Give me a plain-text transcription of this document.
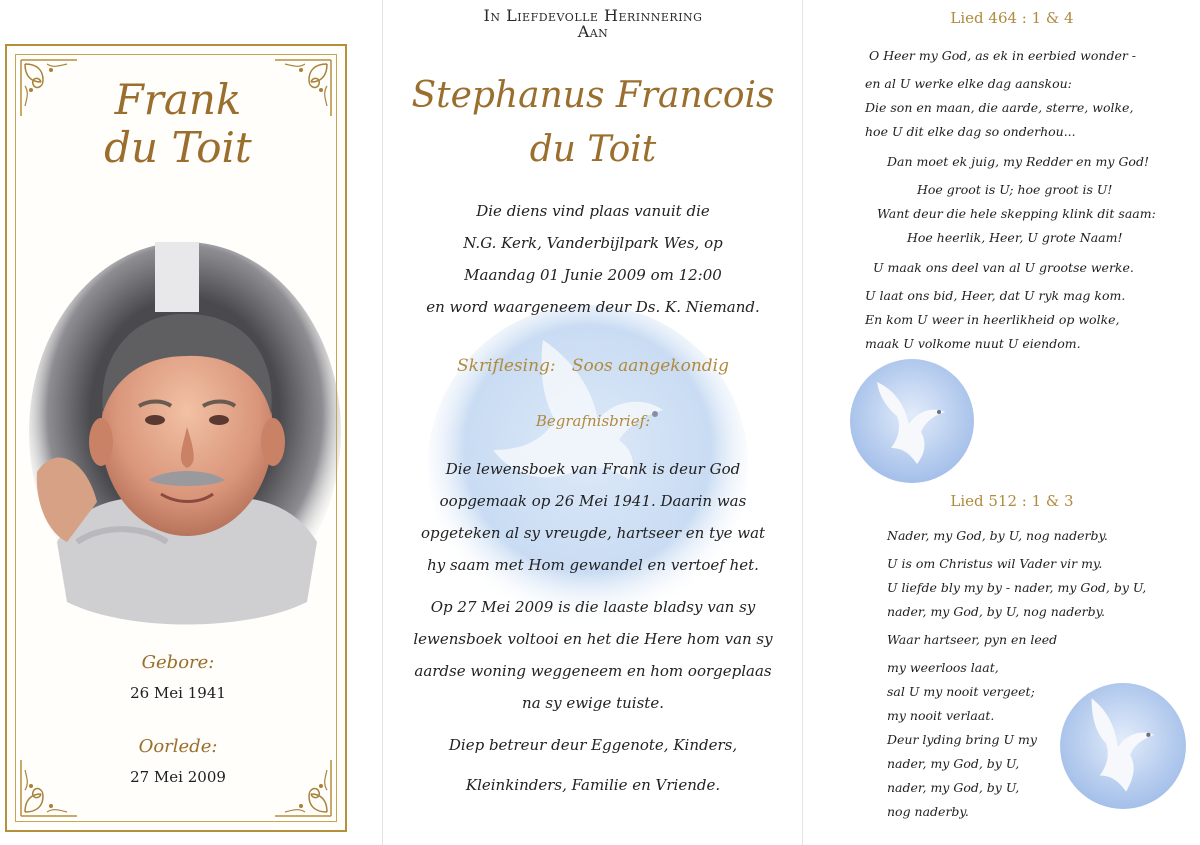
Frank
du Toit
Gebore:
26 Mei 1941
Oorlede:
27 Mei 2009
In Liefdevolle Herinnering
Aan
Stephanus Francois
du Toit
Die diens vind plaas vanuit die
N.G. Kerk, Vanderbijlpark Wes, op
Maandag 01 Junie 2009 om 12:00
en word waargeneem deur Ds. K. Niemand.
Skriflesing: Soos aangekondig
Begrafnisbrief:
Die lewensboek van Frank is deur God
oopgemaak op 26 Mei 1941. Daarin was
opgeteken al sy vreugde, hartseer en tye wat
hy saam met Hom gewandel en vertoef het.
Op 27 Mei 2009 is die laaste bladsy van sy
lewensboek voltooi en het die Here hom van sy
aardse woning weggeneem en hom oorgeplaas
na sy ewige tuiste.
Diep betreur deur Eggenote, Kinders,
Kleinkinders, Familie en Vriende.
Lied 464 : 1 & 4
O Heer my God, as ek in eerbied wonder -
en al U werke elke dag aanskou:
Die son en maan, die aarde, sterre, wolke,
hoe U dit elke dag so onderhou...
Dan moet ek juig, my Redder en my God!
Hoe groot is U; hoe groot is U!
Want deur die hele skepping klink dit saam:
Hoe heerlik, Heer, U grote Naam!
U maak ons deel van al U grootse werke.
U laat ons bid, Heer, dat U ryk mag kom.
En kom U weer in heerlikheid op wolke,
maak U volkome nuut U eiendom.
Lied 512 : 1 & 3
Nader, my God, by U, nog naderby.
U is om Christus wil Vader vir my.
U liefde bly my by - nader, my God, by U,
nader, my God, by U, nog naderby.
Waar hartseer, pyn en leed
my weerloos laat,
sal U my nooit vergeet;
my nooit verlaat.
Deur lyding bring U my
nader, my God, by U,
nader, my God, by U,
nog naderby.
